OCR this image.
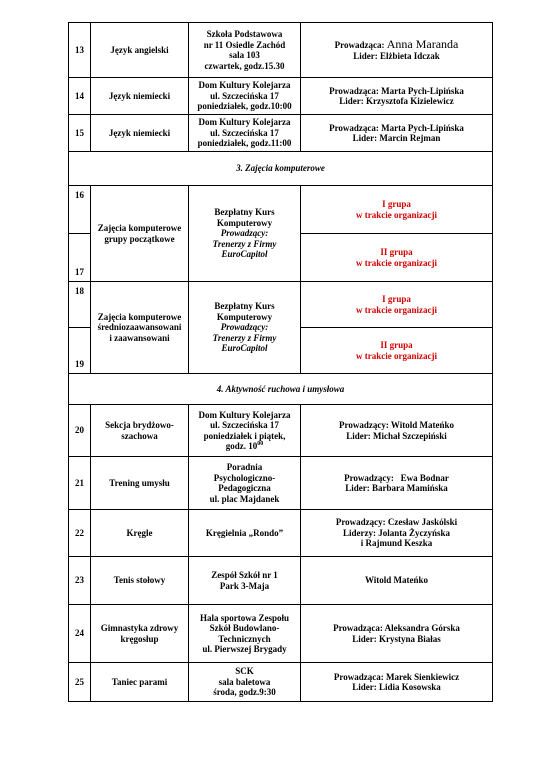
13	Język angielski	Szkoła Podstawowa
nr 11 Osiedle Zachód
sala 103
czwartek, godz.15.30	Prowadząca: Anna Maranda
Lider: Elżbieta Idczak

14	Język niemiecki	Dom Kultury Kolejarza
ul. Szczecińska 17
poniedziałek, godz.10:00	Prowadząca: Marta Pych-Lipińska
Lider: Krzysztofa Kizielewicz

15	Język niemiecki	Dom Kultury Kolejarza
ul. Szczecińska 17
poniedziałek, godz.11:00	Prowadząca: Marta Pych-Lipińska
Lider: Marcin Rejman

3. Zajęcia komputerowe			
16	Zajęcia komputerowe
grupy początkowe	Bezpłatny Kurs
Komputerowy
Prowadzący:
Trenerzy z Firmy
EuroCapitol	I grupa
w trakcie organizacji

17			II grupa
w trakcie organizacji

18	Zajęcia komputerowe
średniozaawansowani
i zaawansowani	Bezpłatny Kurs
Komputerowy
Prowadzący:
Trenerzy z Firmy
EuroCapitol	I grupa
w trakcie organizacji

19			II grupa
w trakcie organizacji

4. Aktywność ruchowa i umysłowa			
20	Sekcja brydżowo-
szachowa	Dom Kultury Kolejarza
ul. Szczecińska 17
poniedziałek i piątek,
godz. $10^{00}$	Prowadzący: Witold Mateńko
Lider: Michał Szczepiński

21	Trening umysłu	Poradnia
Psychologiczno-
Pedagogiczna
ul. plac Majdanek	Prowadzący:   Ewa Bodnar
Lider: Barbara Mamińska

22	Kręgle	Kręgielnia „Rondo”	Prowadzący: Czesław Jaskólski
Liderzy: Jolanta Życzyńska
i Rajmund Keszka

23	Tenis stołowy	Zespół Szkół nr 1
Park 3-Maja	Witold Mateńko
24	Gimnastyka zdrowy
kręgosłup	Hala sportowa Zespołu
Szkół Budowlano-
Technicznych
ul. Pierwszej Brygady	Prowadząca: Aleksandra Górska
Lider: Krystyna Białas

25	Taniec parami	SCK
sala baletowa
środa, godz.9:30	Prowadząca: Marek Sienkiewicz
Lider: Lidia Kosowska
